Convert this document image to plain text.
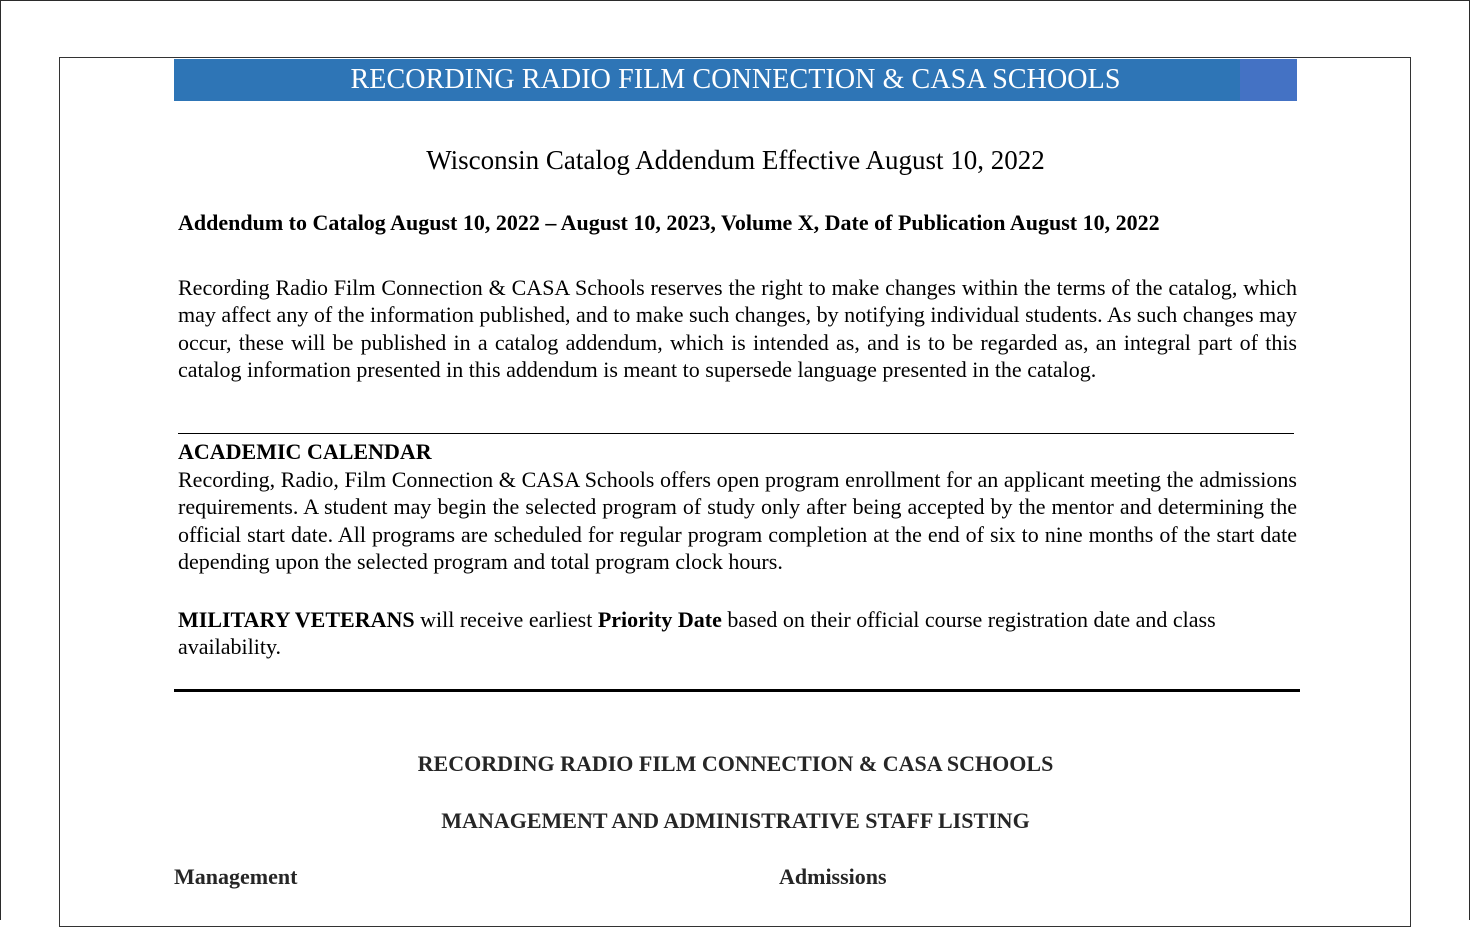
RECORDING RADIO FILM CONNECTION & CASA SCHOOLS
Wisconsin Catalog Addendum Effective August 10, 2022
Addendum to Catalog August 10, 2022 – August 10, 2023, Volume X, Date of Publication August 10, 2022
Recording Radio Film Connection & CASA Schools reserves the right to make changes within the terms of the catalog, which may affect any of the information published, and to make such changes, by notifying individual students. As such changes may occur, these will be published in a catalog addendum, which is intended as, and is to be regarded as, an integral part of this catalog information presented in this addendum is meant to supersede language presented in the catalog.
ACADEMIC CALENDAR
Recording, Radio, Film Connection & CASA Schools offers open program enrollment for an applicant meeting the admissions requirements. A student may begin the selected program of study only after being accepted by the mentor and determining the official start date. All programs are scheduled for regular program completion at the end of six to nine months of the start date depending upon the selected program and total program clock hours.
MILITARY VETERANS will receive earliest Priority Date based on their official course registration date and class availability.
RECORDING RADIO FILM CONNECTION & CASA SCHOOLS
MANAGEMENT AND ADMINISTRATIVE STAFF LISTING
Management	Admissions
